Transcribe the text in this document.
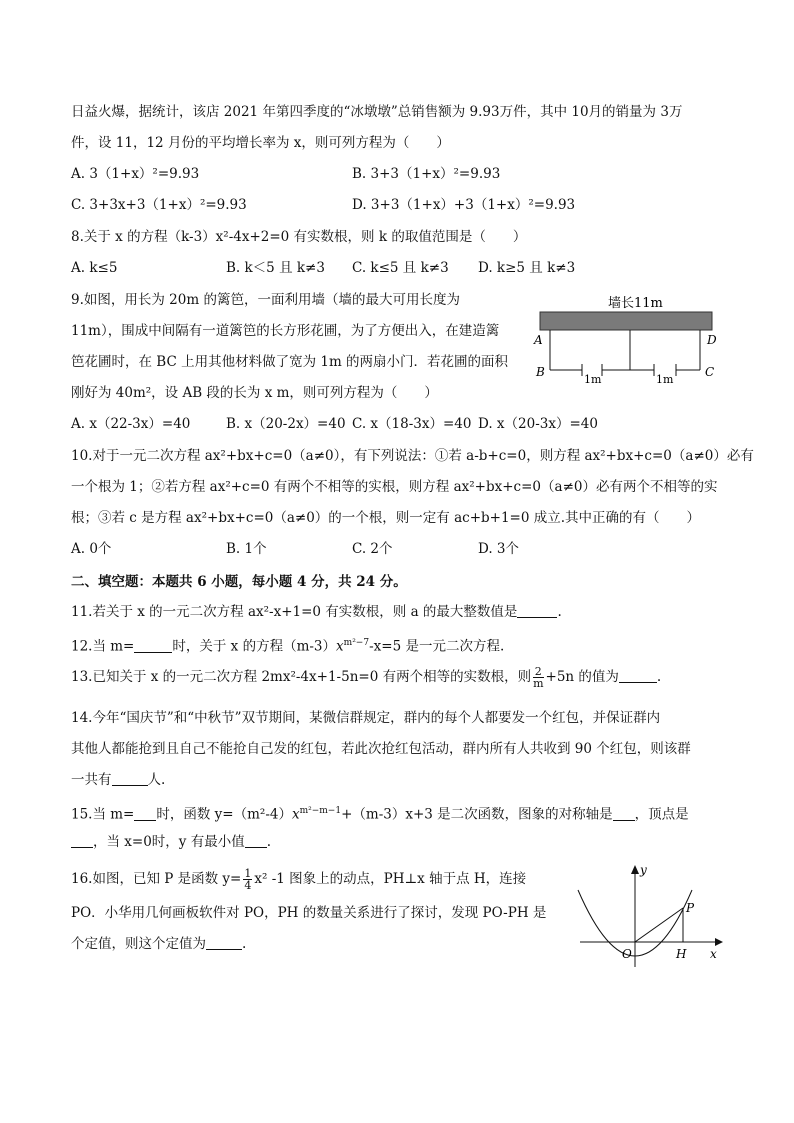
日益火爆，据统计，该店 2021 年第四季度的“冰墩墩”总销售额为 9.93万件，其中 10月的销量为 3万
件，设 11，12 月份的平均增长率为 x，则可列方程为（　　）
A. 3（1+x）²=9.93	B. 3+3（1+x）²=9.93
C. 3+3x+3（1+x）²=9.93	D. 3+3（1+x）+3（1+x）²=9.93
8.关于 x 的方程（k-3）x²-4x+2=0 有实数根，则 k 的取值范围是（　　）
A. k≤5	B. k＜5 且 k≠3 C. k≤5 且 k≠3 D. k≥5 且 k≠3
9.如图，用长为 20m 的篱笆，一面利用墙（墙的最大可用长度为
11m），围成中间隔有一道篱笆的长方形花圃，为了方便出入，在建造篱
笆花圃时，在 BC 上用其他材料做了宽为 1m 的两扇小门．若花圃的面积
刚好为 40m²，设 AB 段的长为 x m，则可列方程为（　　）
A. x（22-3x）=40	B. x（20-2x）=40 C. x（18-3x）=40 D. x（20-3x）=40
墙长11m
A	D
B	C
1m	1m
10.对于一元二次方程 ax²+bx+c=0（a≠0），有下列说法：①若 a-b+c=0，则方程 ax²+bx+c=0（a≠0）必有
一个根为 1；②若方程 ax²+c=0 有两个不相等的实根，则方程 ax²+bx+c=0（a≠0）必有两个不相等的实
根；③若 c 是方程 ax²+bx+c=0（a≠0）的一个根，则一定有 ac+b+1=0 成立.其中正确的有（　　）
A. 0个	B. 1个	C. 2个	D. 3个
二、填空题：本题共 6 小题，每小题 4 分，共 24 分。
11.若关于 x 的一元二次方程 ax²-x+1=0 有实数根，则 a 的最大整数值是	.
12.当 m=	时，关于 x 的方程$(m-3)x^{m^2-7}-x=5$ 是一元二次方程.
13.已知关于 x 的一元二次方程 2mx²-4x+1-5n=0 有两个相等的实数根，则 $\frac{2}{m} +5n$ 的值为	.
14.今年“国庆节”和“中秋节”双节期间，某微信群规定，群内的每个人都要发一个红包，并保证群内
其他人都能抢到且自己不能抢自己发的红包，若此次抢红包活动，群内所有人共收到 90 个红包，则该群
一共有	人.
15.当 m= 时，函数 $y=(m^2-4)x^{m^2-m-1}+(m-3)x+3$ 是二次函数，图象的对称轴是 ，顶点是
，当 x=0时，y 有最小值 .
16.如图，已知 P 是函数 $y= \frac{1}{4} x^2$ -1 图象上的动点，PH⊥x 轴于点 H，连接
PO．小华用几何画板软件对 PO，PH 的数量关系进行了探讨，发现 PO-PH 是
个定值，则这个定值为	.
y
x
O
P
H
